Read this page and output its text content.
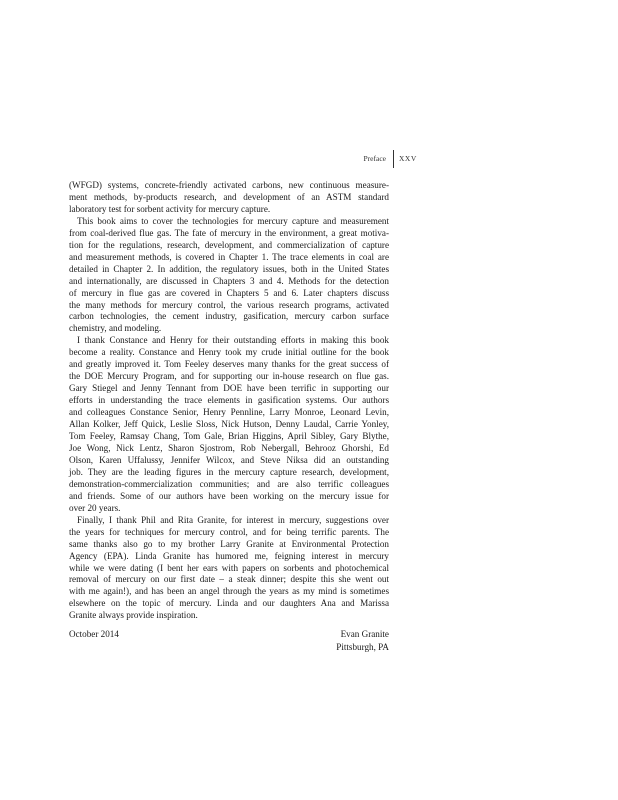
Preface XXV

(WFGD) systems, concrete-friendly activated carbons, new continuous measure-
ment methods, by-products research, and development of an ASTM standard
laboratory test for sorbent activity for mercury capture.

This book aims to cover the technologies for mercury capture and measurement
from coal-derived flue gas. The fate of mercury in the environment, a great motiva-
tion for the regulations, research, development, and commercialization of capture
and measurement methods, is covered in Chapter 1. The trace elements in coal are
detailed in Chapter 2. In addition, the regulatory issues, both in the United States
and internationally, are discussed in Chapters 3 and 4. Methods for the detection
of mercury in flue gas are covered in Chapters 5 and 6. Later chapters discuss
the many methods for mercury control, the various research programs, activated
carbon technologies, the cement industry, gasification, mercury carbon surface
chemistry, and modeling.

I thank Constance and Henry for their outstanding efforts in making this book
become a reality. Constance and Henry took my crude initial outline for the book
and greatly improved it. Tom Feeley deserves many thanks for the great success of
the DOE Mercury Program, and for supporting our in-house research on flue gas.
Gary Stiegel and Jenny Tennant from DOE have been terrific in supporting our
efforts in understanding the trace elements in gasification systems. Our authors
and colleagues Constance Senior, Henry Pennline, Larry Monroe, Leonard Levin,
Allan Kolker, Jeff Quick, Leslie Sloss, Nick Hutson, Denny Laudal, Carrie Yonley,
Tom Feeley, Ramsay Chang, Tom Gale, Brian Higgins, April Sibley, Gary Blythe,
Joe Wong, Nick Lentz, Sharon Sjostrom, Rob Nebergall, Behrooz Ghorshi, Ed
Olson, Karen Uffalussy, Jennifer Wilcox, and Steve Niksa did an outstanding
job. They are the leading figures in the mercury capture research, development,
demonstration-commercialization communities; and are also terrific colleagues
and friends. Some of our authors have been working on the mercury issue for
over 20 years.

Finally, I thank Phil and Rita Granite, for interest in mercury, suggestions over
the years for techniques for mercury control, and for being terrific parents. The
same thanks also go to my brother Larry Granite at Environmental Protection
Agency (EPA). Linda Granite has humored me, feigning interest in mercury
while we were dating (I bent her ears with papers on sorbents and photochemical
removal of mercury on our first date – a steak dinner; despite this she went out
with me again!), and has been an angel through the years as my mind is sometimes
elsewhere on the topic of mercury. Linda and our daughters Ana and Marissa
Granite always provide inspiration.

October 2014	Evan Granite
Pittsburgh, PA
